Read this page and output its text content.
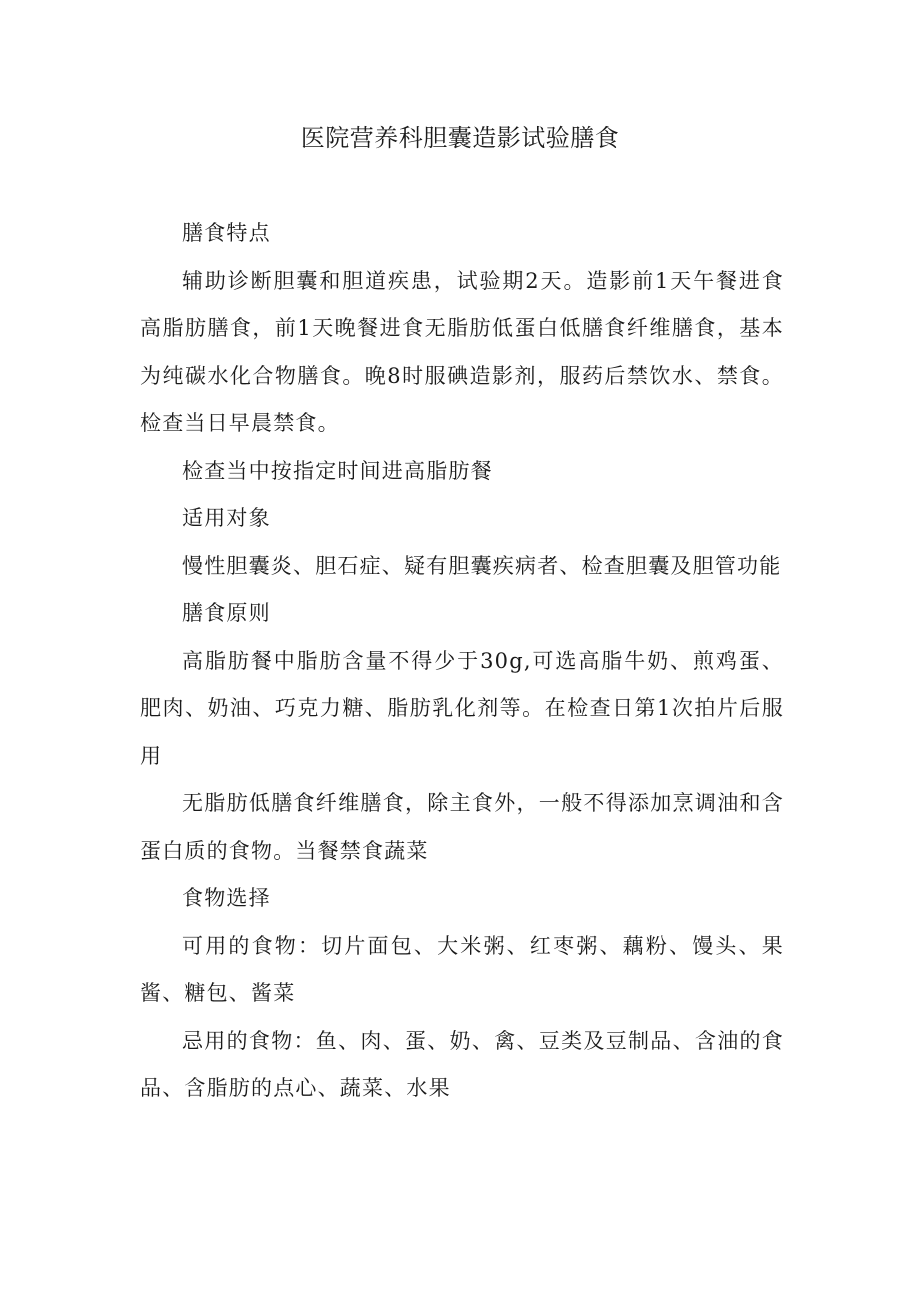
医院营养科胆囊造影试验膳食

膳食特点

辅助诊断胆囊和胆道疾患，试验期2天。造影前1天午餐进食高脂肪膳食，前1天晚餐进食无脂肪低蛋白低膳食纤维膳食，基本为纯碳水化合物膳食。晚8时服碘造影剂，服药后禁饮水、禁食。检查当日早晨禁食。

检查当中按指定时间进高脂肪餐

适用对象

慢性胆囊炎、胆石症、疑有胆囊疾病者、检查胆囊及胆管功能

膳食原则

高脂肪餐中脂肪含量不得少于30g,可选高脂牛奶、煎鸡蛋、肥肉、奶油、巧克力糖、脂肪乳化剂等。在检查日第1次拍片后服用

无脂肪低膳食纤维膳食，除主食外，一般不得添加烹调油和含蛋白质的食物。当餐禁食蔬菜

食物选择

可用的食物：切片面包、大米粥、红枣粥、藕粉、馒头、果酱、糖包、酱菜

忌用的食物：鱼、肉、蛋、奶、禽、豆类及豆制品、含油的食品、含脂肪的点心、蔬菜、水果
